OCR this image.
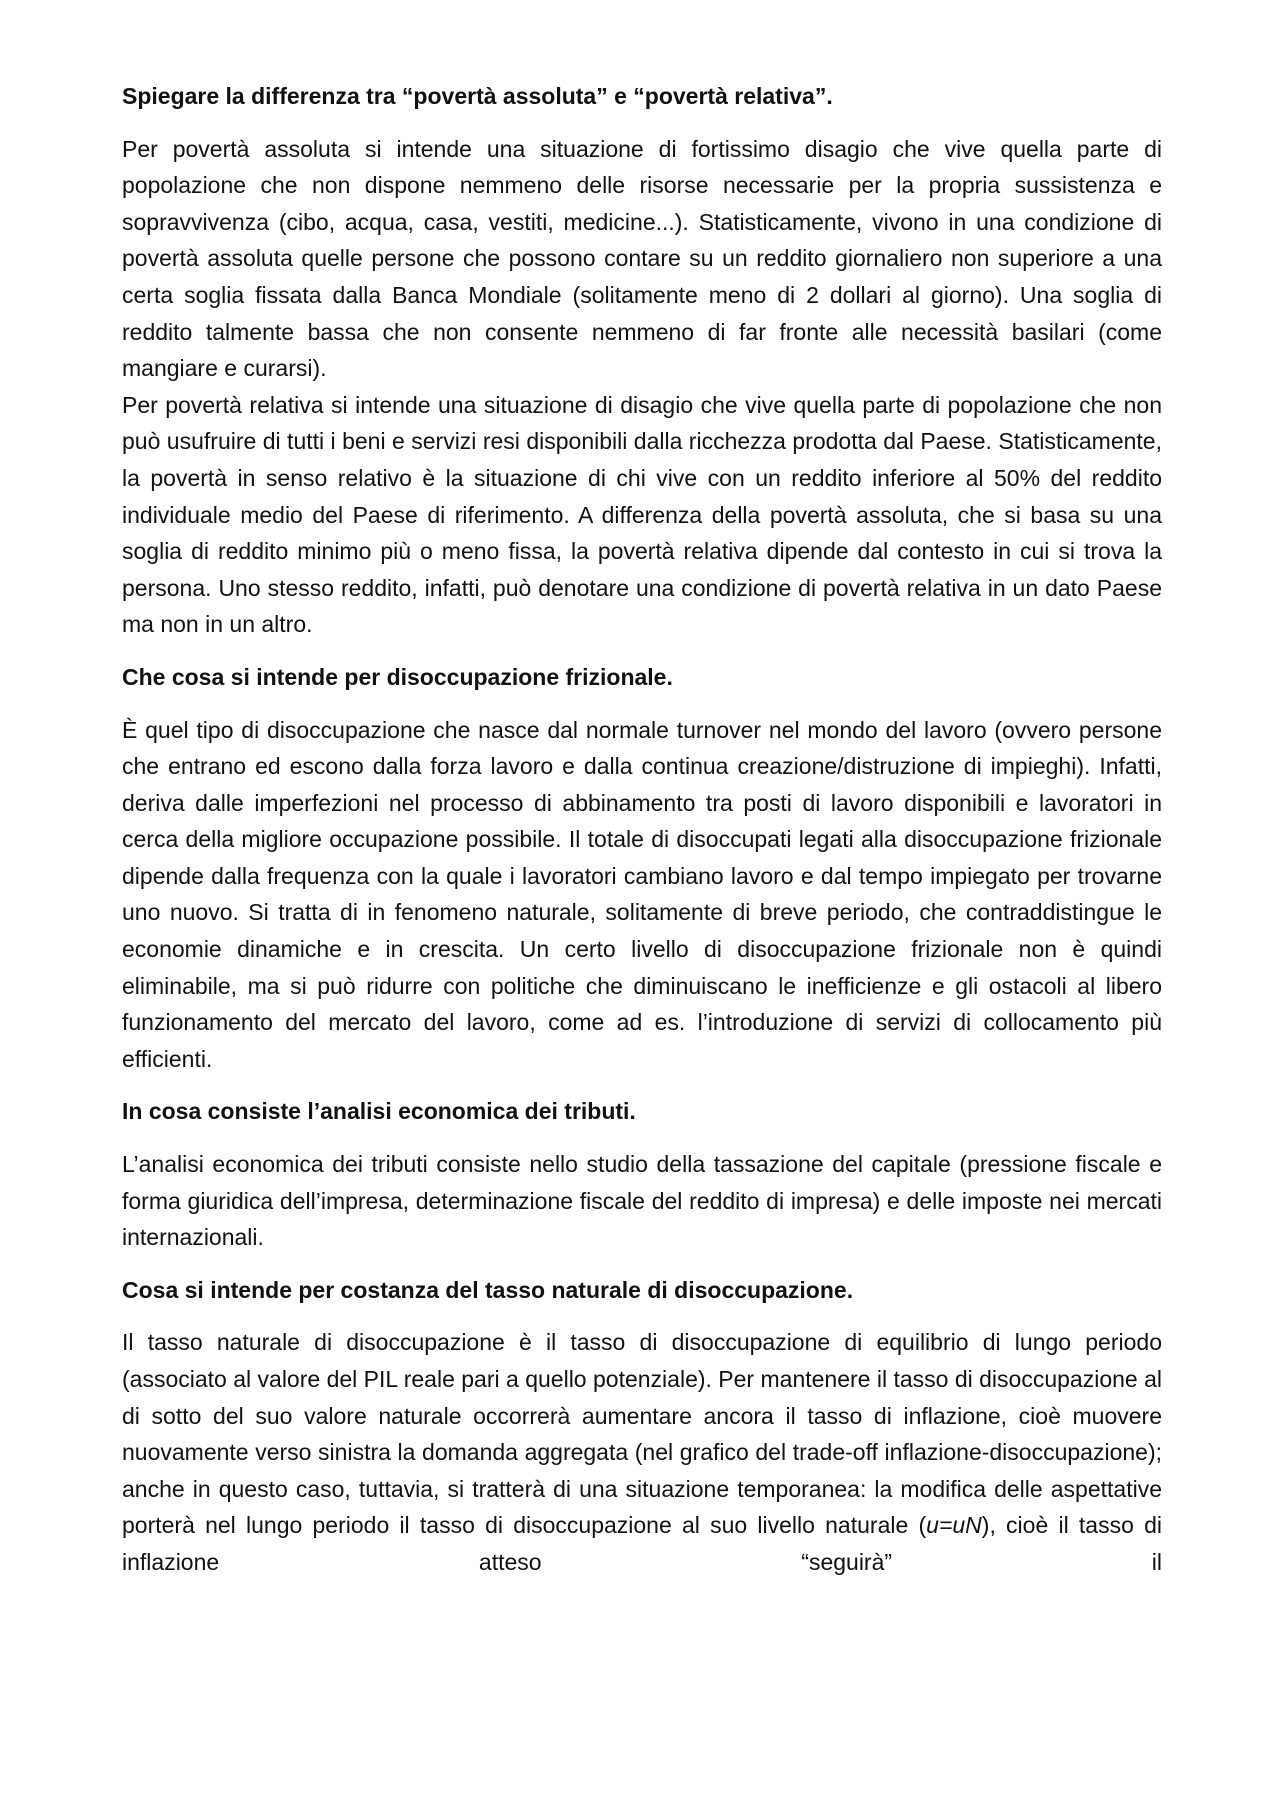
Spiegare la differenza tra “povertà assoluta” e “povertà relativa”.

Per povertà assoluta si intende una situazione di fortissimo disagio che vive quella parte di popolazione che non dispone nemmeno delle risorse necessarie per la propria sussistenza e sopravvivenza (cibo, acqua, casa, vestiti, medicine...). Statisticamente, vivono in una condizione di povertà assoluta quelle persone che possono contare su un reddito giornaliero non superiore a una certa soglia fissata dalla Banca Mondiale (solitamente meno di 2 dollari al giorno). Una soglia di reddito talmente bassa che non consente nemmeno di far fronte alle necessità basilari (come mangiare e curarsi).

Per povertà relativa si intende una situazione di disagio che vive quella parte di popolazione che non può usufruire di tutti i beni e servizi resi disponibili dalla ricchezza prodotta dal Paese. Statisticamente, la povertà in senso relativo è la situazione di chi vive con un reddito inferiore al 50% del reddito individuale medio del Paese di riferimento. A differenza della povertà assoluta, che si basa su una soglia di reddito minimo più o meno fissa, la povertà relativa dipende dal contesto in cui si trova la persona. Uno stesso reddito, infatti, può denotare una condizione di povertà relativa in un dato Paese ma non in un altro.

Che cosa si intende per disoccupazione frizionale.

È quel tipo di disoccupazione che nasce dal normale turnover nel mondo del lavoro (ovvero persone che entrano ed escono dalla forza lavoro e dalla continua creazione/distruzione di impieghi). Infatti, deriva dalle imperfezioni nel processo di abbinamento tra posti di lavoro disponibili e lavoratori in cerca della migliore occupazione possibile. Il totale di disoccupati legati alla disoccupazione frizionale dipende dalla frequenza con la quale i lavoratori cambiano lavoro e dal tempo impiegato per trovarne uno nuovo. Si tratta di in fenomeno naturale, solitamente di breve periodo, che contraddistingue le economie dinamiche e in crescita. Un certo livello di disoccupazione frizionale non è quindi eliminabile, ma si può ridurre con politiche che diminuiscano le inefficienze e gli ostacoli al libero funzionamento del mercato del lavoro, come ad es. l’introduzione di servizi di collocamento più efficienti.

In cosa consiste l’analisi economica dei tributi.

L’analisi economica dei tributi consiste nello studio della tassazione del capitale (pressione fiscale e forma giuridica dell’impresa, determinazione fiscale del reddito di impresa) e delle imposte nei mercati internazionali.

Cosa si intende per costanza del tasso naturale di disoccupazione.

Il tasso naturale di disoccupazione è il tasso di disoccupazione di equilibrio di lungo periodo (associato al valore del PIL reale pari a quello potenziale). Per mantenere il tasso di disoccupazione al di sotto del suo valore naturale occorrerà aumentare ancora il tasso di inflazione, cioè muovere nuovamente verso sinistra la domanda aggregata (nel grafico del trade-off inflazione-disoccupazione); anche in questo caso, tuttavia, si tratterà di una situazione temporanea: la modifica delle aspettative porterà nel lungo periodo il tasso di disoccupazione al suo livello naturale (u=uN), cioè il tasso di inflazione atteso “seguirà” il
